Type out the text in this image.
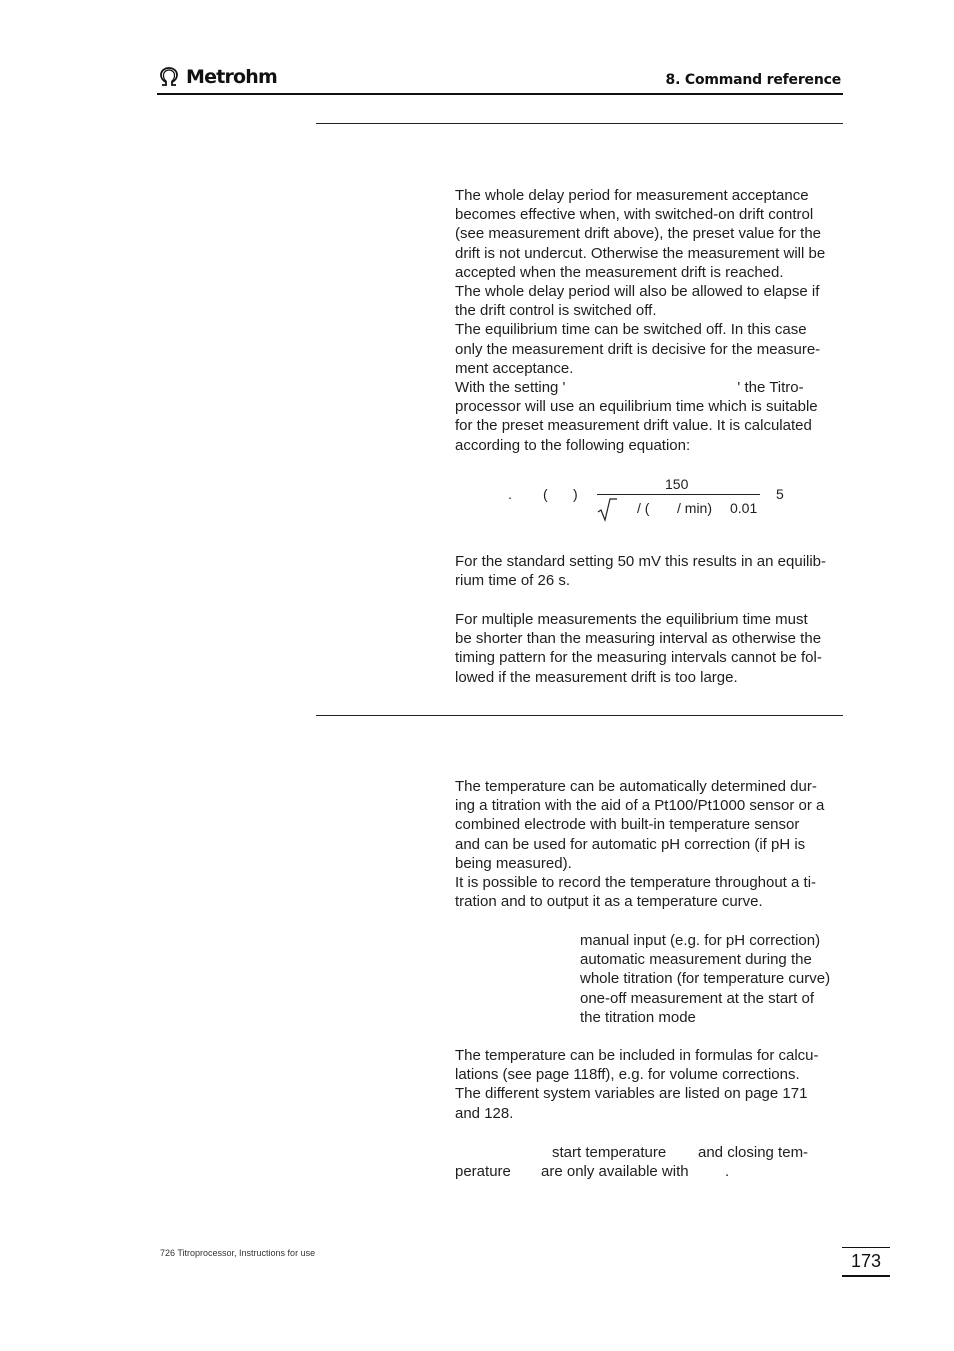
Metrohm	8. Command reference
The whole delay period for measurement acceptance
becomes effective when, with switched-on drift control
(see measurement drift above), the preset value for the
drift is not undercut. Otherwise the measurement will be
accepted when the measurement drift is reached.
The whole delay period will also be allowed to elapse if
the drift control is switched off.
The equilibrium time can be switched off. In this case
only the measurement drift is decisive for the measure-
ment acceptance.
With the setting '	' the Titro-
processor will use an equilibrium time which is suitable
for the preset measurement drift value. It is calculated
according to the following equation:
. ( )
150
/ ( / min) 0.01
5
For the standard setting 50 mV this results in an equilib-
rium time of 26 s.
For multiple measurements the equilibrium time must
be shorter than the measuring interval as otherwise the
timing pattern for the measuring intervals cannot be fol-
lowed if the measurement drift is too large.
The temperature can be automatically determined dur-
ing a titration with the aid of a Pt100/Pt1000 sensor or a
combined electrode with built-in temperature sensor
and can be used for automatic pH correction (if pH is
being measured).
It is possible to record the temperature throughout a ti-
tration and to output it as a temperature curve.
manual input (e.g. for pH correction)
automatic measurement during the
whole titration (for temperature curve)
one-off measurement at the start of
the titration mode
The temperature can be included in formulas for calcu-
lations (see page 118ff), e.g. for volume corrections.
The different system variables are listed on page 171
and 128.
start temperature and closing tem-
perature are only available with .
726 Titroprocessor, Instructions for use	173
